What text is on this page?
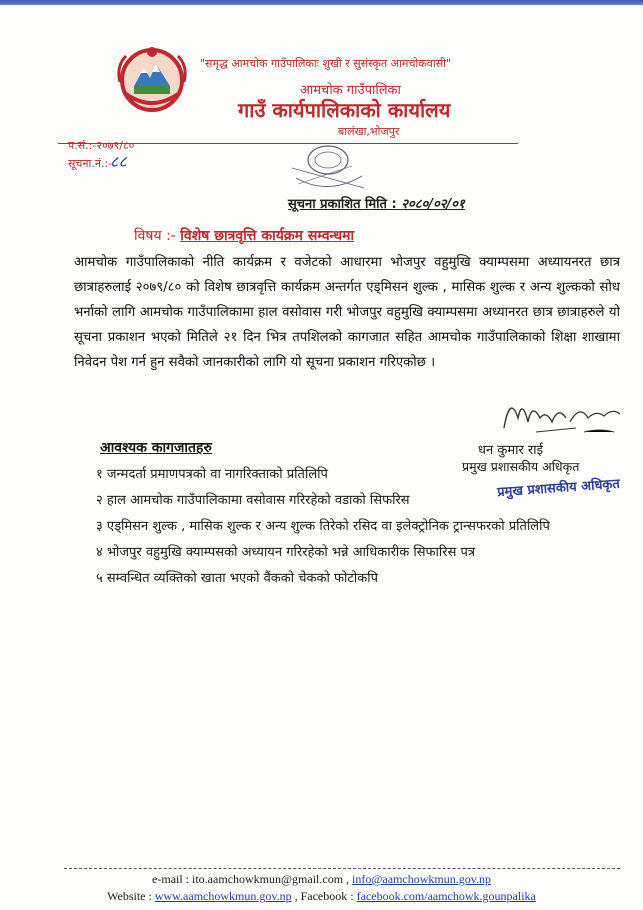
"समृद्ध आमचोक गाउँपालिकाः शुखी र सुसंस्कृत आमचोकवासी"
आमचोक गाउँपालिका
गाउँ कार्यपालिकाको कार्यालय
बालंखा,भोजपुर
प.सं.:-२०७९/८०
सूचना.नं.:-
८८
सूचना प्रकाशित मिति : २०८०/०२/०१
विषय :- विशेष छात्रवृत्ति कार्यक्रम सम्वन्धमा
आमचोक गाउँपालिकाको नीति कार्यक्रम र वजेटको आधारमा भोजपुर वहुमुखि क्याम्पसमा अध्यायनरत छात्र छात्राहरुलाई २०७९/८० को विशेष छात्रवृत्ति कार्यक्रम अन्तर्गत एड्मिसन शुल्क , मासिक शुल्क र अन्य शुल्कको सोध भर्नाको लागि आमचोक गाउँपालिकामा हाल वसोवास गरी भोजपुर वहुमुखि क्याम्पसमा अध्यानरत छात्र छात्राहरुले यो सूचना प्रकाशन भएको मितिले २१ दिन भित्र तपशिलको कागजात सहित आमचोक गाउँपालिकाको शिक्षा शाखामा निवेदन पेश गर्न हुन सवैको जानकारीको लागि यो सूचना प्रकाशन गरिएकोछ ।
धन कुमार राई
प्रमुख प्रशासकीय अधिकृत
प्रमुख प्रशासकीय अधिकृत
आवश्यक कागजातहरु
१ जन्मदर्ता प्रमाणपत्रको वा नागरिक्ताको प्रतिलिपि
२ हाल आमचोक गाउँपालिकामा वसोवास गरिरहेको वडाको सिफरिस
३ एड्मिसन शुल्क , मासिक शुल्क र अन्य शुल्क तिरेको रसिद वा इलेक्ट्रोनिक ट्रान्सफरको प्रतिलिपि
४ भोजपुर वहुमुखि क्याम्पसको अध्यायन गरिरहेको भन्ने आधिकारीक सिफारिस पत्र
५ सम्वन्धित व्यक्तिको खाता भएको वैंकको चेकको फोटोकपि
e-mail : ito.aamchowkmun@gmail.com , info@aamchowkmun.gov.np
Website : www.aamchowkmun.gov.np , Facebook : facebook.com/aamchowk.gounpalika
